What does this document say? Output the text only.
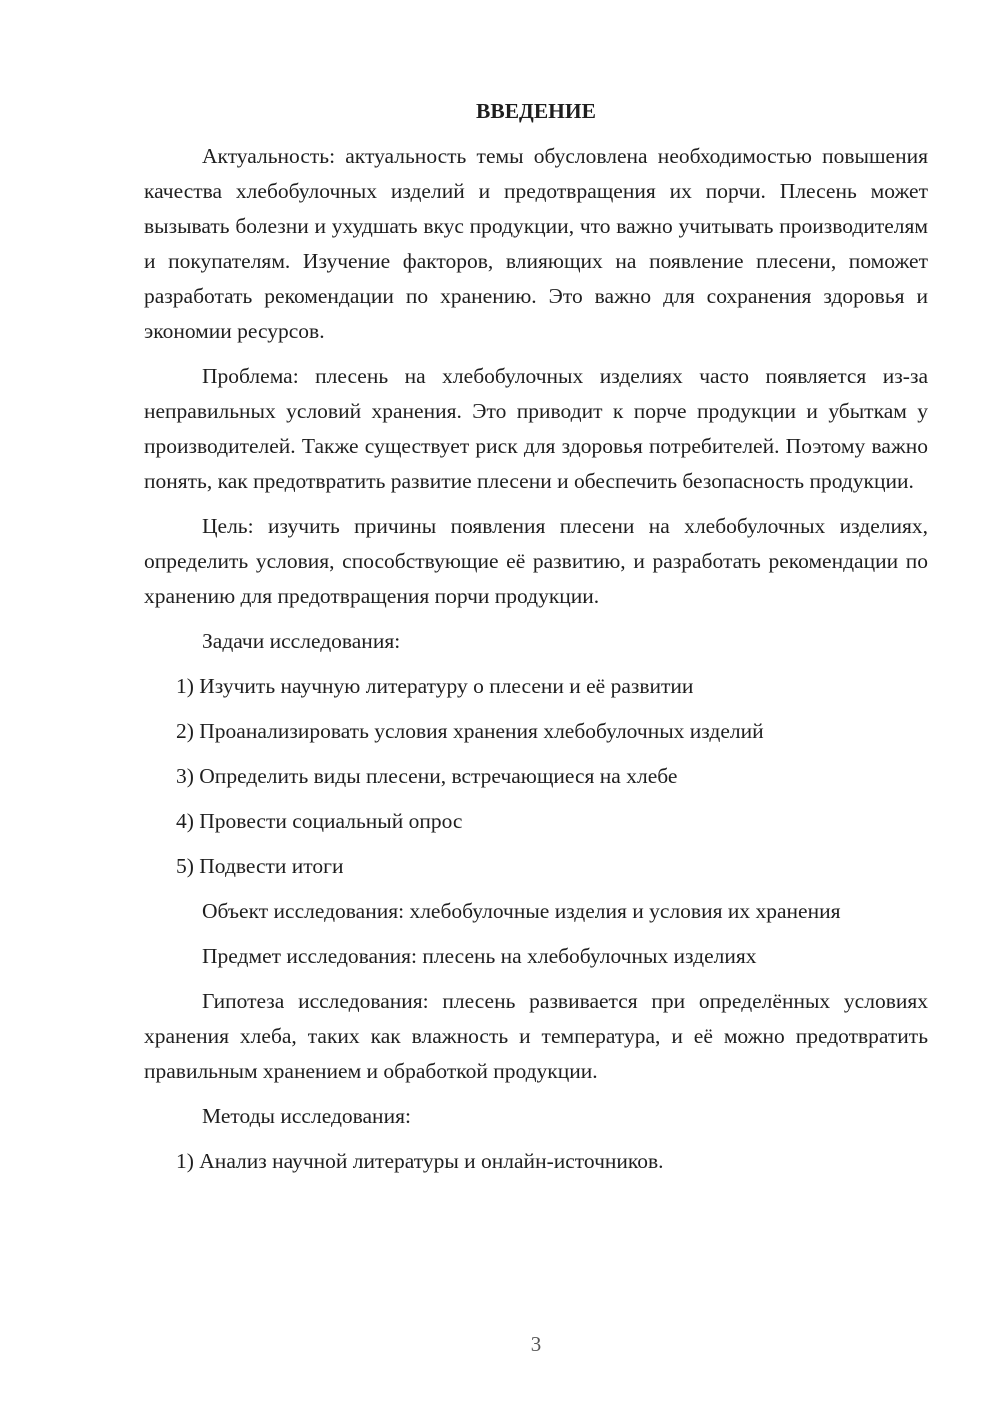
ВВЕДЕНИЕ

Актуальность: актуальность темы обусловлена необходимостью повышения качества хлебобулочных изделий и предотвращения их порчи. Плесень может вызывать болезни и ухудшать вкус продукции, что важно учитывать производителям и покупателям. Изучение факторов, влияющих на появление плесени, поможет разработать рекомендации по хранению. Это важно для сохранения здоровья и экономии ресурсов.

Проблема: плесень на хлебобулочных изделиях часто появляется из-за неправильных условий хранения. Это приводит к порче продукции и убыткам у производителей. Также существует риск для здоровья потребителей. Поэтому важно понять, как предотвратить развитие плесени и обеспечить безопасность продукции.

Цель: изучить причины появления плесени на хлебобулочных изделиях, определить условия, способствующие её развитию, и разработать рекомендации по хранению для предотвращения порчи продукции.

Задачи исследования:

1) Изучить научную литературу о плесени и её развитии

2) Проанализировать условия хранения хлебобулочных изделий

3) Определить виды плесени, встречающиеся на хлебе

4) Провести социальный опрос

5) Подвести итоги

Объект исследования: хлебобулочные изделия и условия их хранения

Предмет исследования: плесень на хлебобулочных изделиях

Гипотеза исследования: плесень развивается при определённых условиях хранения хлеба, таких как влажность и температура, и её можно предотвратить правильным хранением и обработкой продукции.

Методы исследования:

1) Анализ научной литературы и онлайн-источников.

3
